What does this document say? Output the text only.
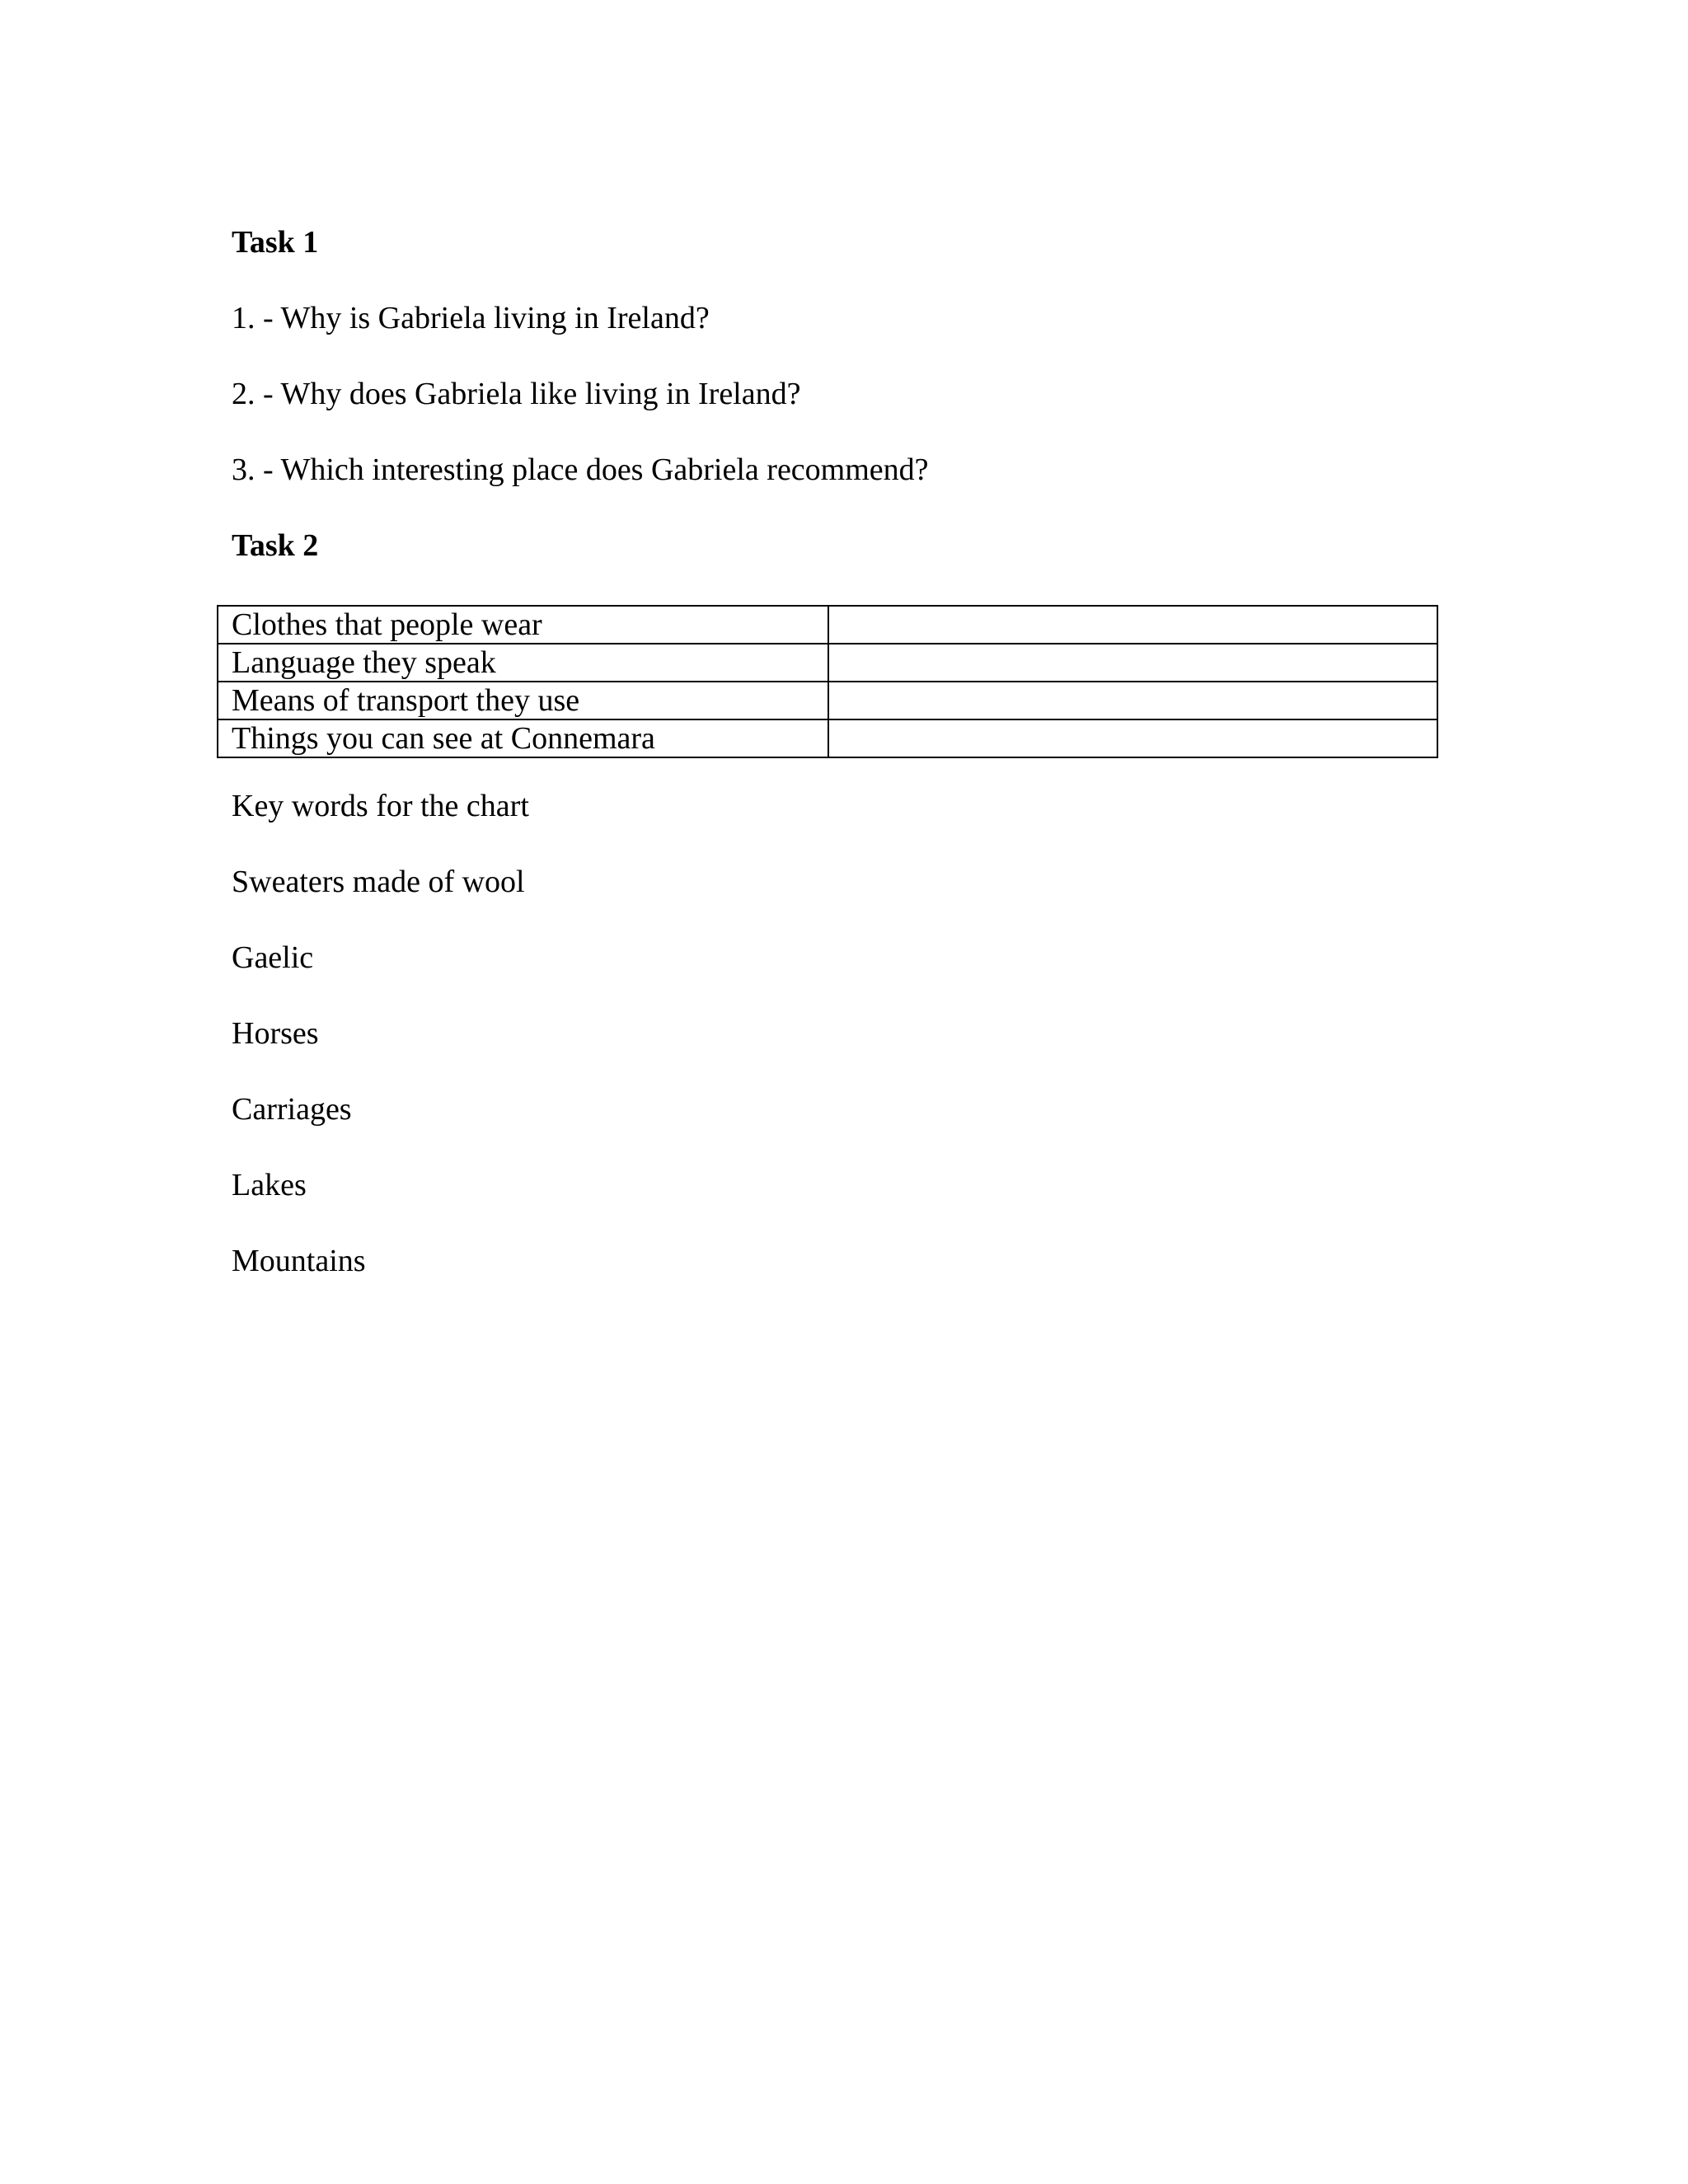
Task 1
1. - Why is Gabriela living in Ireland?
2. - Why does Gabriela like living in Ireland?
3. - Which interesting place does Gabriela recommend?
Task 2
Clothes that people wear	
Language they speak	
Means of transport they use	
Things you can see at Connemara	
Key words for the chart
Sweaters made of wool
Gaelic
Horses
Carriages
Lakes
Mountains
